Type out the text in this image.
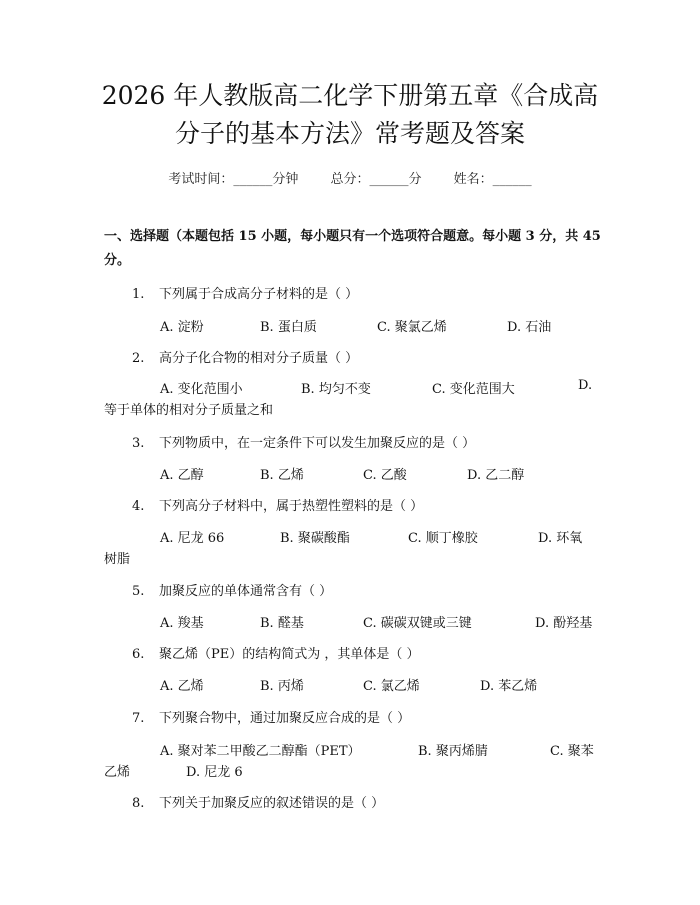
2026 年人教版高二化学下册第五章《合成高
分子的基本方法》常考题及答案
考试时间：______分钟 总分：______分 姓名：______
一、选择题（本题包括 15 小题，每小题只有一个选项符合题意。每小题 3 分，共 45 分。
1. 下列属于合成高分子材料的是（ ）
A. 淀粉	B. 蛋白质	C. 聚氯乙烯	D. 石油
2. 高分子化合物的相对分子质量（ ）
A. 变化范围小	B. 均匀不变	C. 变化范围大	D.
等于单体的相对分子质量之和
3. 下列物质中，在一定条件下可以发生加聚反应的是（ ）
A. 乙醇	B. 乙烯	C. 乙酸	D. 乙二醇
4. 下列高分子材料中，属于热塑性塑料的是（ ）
A. 尼龙 66	B. 聚碳酸酯	C. 顺丁橡胶	D. 环氧
树脂
5. 加聚反应的单体通常含有（ ）
A. 羧基	B. 醛基	C. 碳碳双键或三键	D. 酚羟基
6. 聚乙烯（PE）的结构简式为 ，其单体是（ ）
A. 乙烯	B. 丙烯	C. 氯乙烯	D. 苯乙烯
7. 下列聚合物中，通过加聚反应合成的是（ ）
A. 聚对苯二甲酸乙二醇酯（PET）	B. 聚丙烯腈	C. 聚苯
乙烯	D. 尼龙 6
8. 下列关于加聚反应的叙述错误的是（ ）
